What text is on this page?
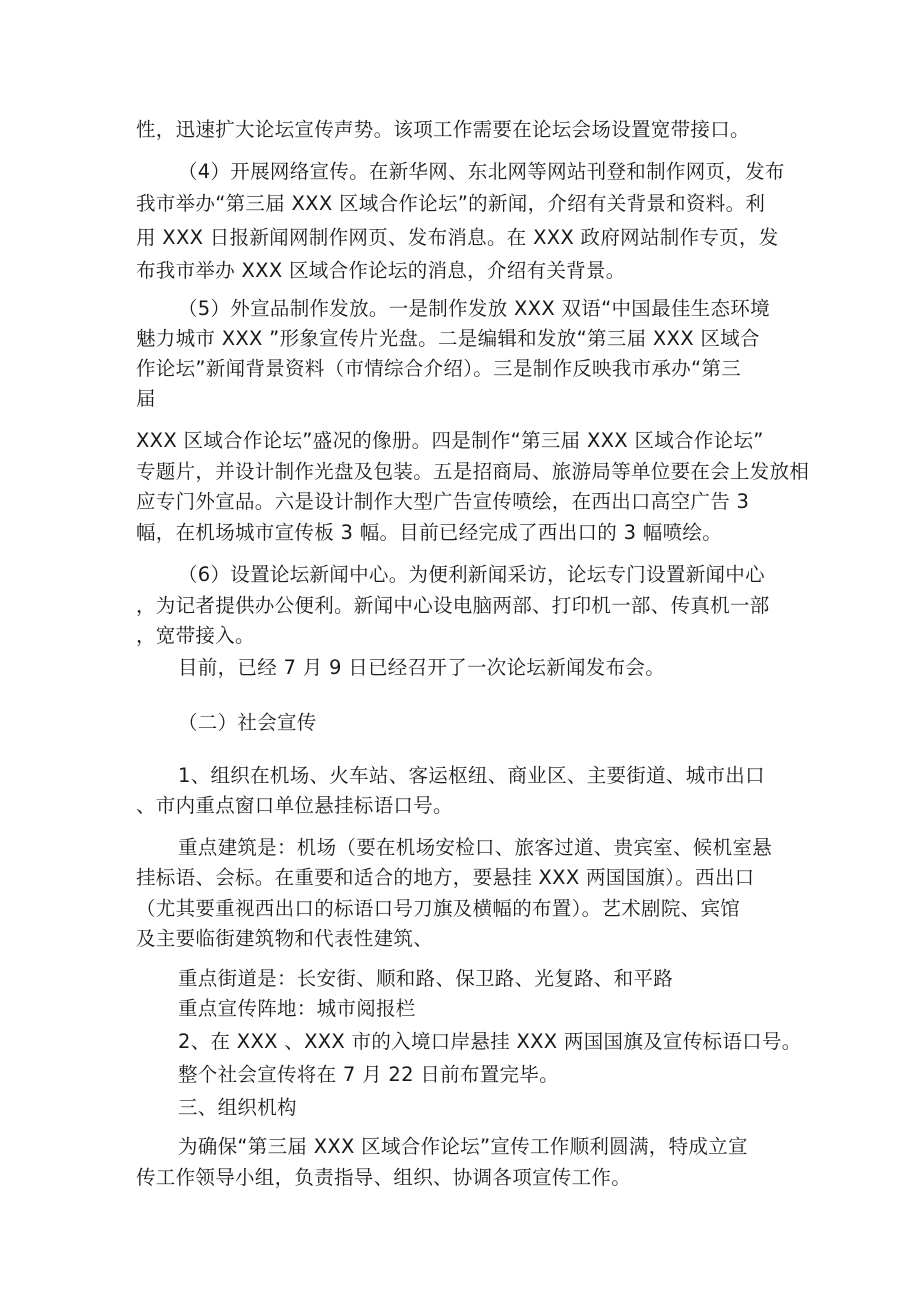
性，迅速扩大论坛宣传声势。该项工作需要在论坛会场设置宽带接口。
（4）开展网络宣传。在新华网、东北网等网站刊登和制作网页，发布
我市举办“第三届 XXX 区域合作论坛”的新闻，介绍有关背景和资料。利
用 XXX 日报新闻网制作网页、发布消息。在 XXX 政府网站制作专页，发
布我市举办 XXX 区域合作论坛的消息，介绍有关背景。
（5）外宣品制作发放。一是制作发放 XXX 双语“中国最佳生态环境
魅力城市 XXX ”形象宣传片光盘。二是编辑和发放“第三届 XXX 区域合
作论坛”新闻背景资料（市情综合介绍）。三是制作反映我市承办“第三
届
XXX 区域合作论坛”盛况的像册。四是制作“第三届 XXX 区域合作论坛”
专题片，并设计制作光盘及包装。五是招商局、旅游局等单位要在会上发放相
应专门外宣品。六是设计制作大型广告宣传喷绘，在西出口高空广告 3
幅，在机场城市宣传板 3 幅。目前已经完成了西出口的 3 幅喷绘。
（6）设置论坛新闻中心。为便利新闻采访，论坛专门设置新闻中心
，为记者提供办公便利。新闻中心设电脑两部、打印机一部、传真机一部
，宽带接入。
目前，已经 7 月 9 日已经召开了一次论坛新闻发布会。
（二）社会宣传
1、组织在机场、火车站、客运枢纽、商业区、主要街道、城市出口
、市内重点窗口单位悬挂标语口号。
重点建筑是：机场（要在机场安检口、旅客过道、贵宾室、候机室悬
挂标语、会标。在重要和适合的地方，要悬挂 XXX 两国国旗）。西出口
（尤其要重视西出口的标语口号刀旗及横幅的布置）。艺术剧院、宾馆
及主要临街建筑物和代表性建筑、
重点街道是：长安街、顺和路、保卫路、光复路、和平路
重点宣传阵地：城市阅报栏
2、在 XXX 、XXX 市的入境口岸悬挂 XXX 两国国旗及宣传标语口号。
整个社会宣传将在 7 月 22 日前布置完毕。
三、组织机构
为确保“第三届 XXX 区域合作论坛”宣传工作顺利圆满，特成立宣
传工作领导小组，负责指导、组织、协调各项宣传工作。
